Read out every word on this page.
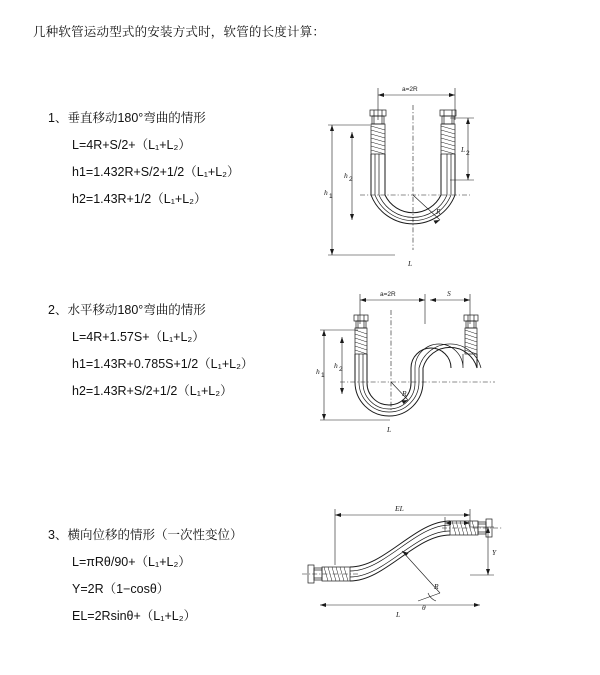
几种软管运动型式的安装方式时，软管的长度计算：
1、垂直移动180°弯曲的情形
L=4R+S/2+（L₁+L₂）
h1=1.432R+S/2+1/2（L₁+L₂）
h2=1.43R+1/2（L₁+L₂）
a=2R
h 1
h 2
L 2
R
L
2、水平移动180°弯曲的情形
L=4R+1.57S+（L₁+L₂）
h1=1.43R+0.785S+1/2（L₁+L₂）
h2=1.43R+S/2+1/2（L₁+L₂）
a=2R	S
h 1
h 2
R
L
3、横向位移的情形（一次性变位）
L=πRθ/90+（L₁+L₂）
Y=2R（1−cosθ）
EL=2Rsinθ+（L₁+L₂）
EL
Y
R
θ
L
